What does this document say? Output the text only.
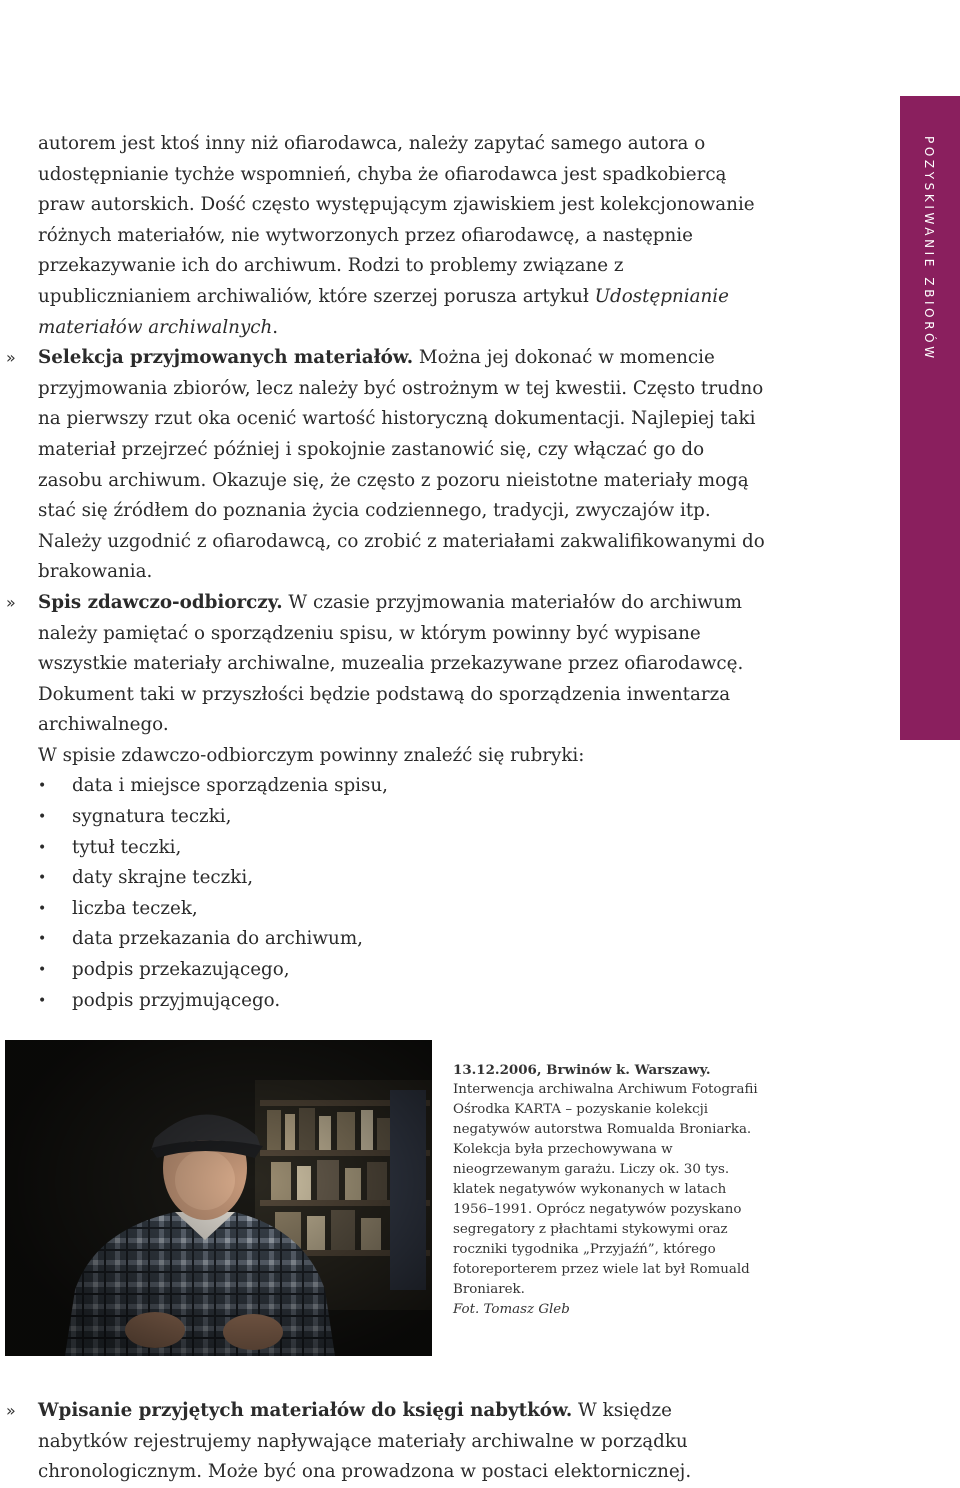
POZYSKIWANIE ZBIORÓW

autorem jest ktoś inny niż ofiarodawca, należy zapytać samego autora o udostępnianie tychże wspomnień, chyba że ofiarodawca jest spadkobiercą praw autorskich. Dość często występującym zjawiskiem jest kolekcjonowanie różnych materiałów, nie wytworzonych przez ofiarodawcę, a następnie przekazywanie ich do archiwum. Rodzi to problemy związane z upublicznianiem archiwaliów, które szerzej porusza artykuł Udostępnianie materiałów archiwalnych.

» Selekcja przyjmowanych materiałów. Można jej dokonać w momencie przyjmowania zbiorów, lecz należy być ostrożnym w tej kwestii. Często trudno na pierwszy rzut oka ocenić wartość historyczną dokumentacji. Najlepiej taki materiał przejrzeć później i spokojnie zastanowić się, czy włączać go do zasobu archiwum. Okazuje się, że często z pozoru nieistotne materiały mogą stać się źródłem do poznania życia codziennego, tradycji, zwyczajów itp. Należy uzgodnić z ofiarodawcą, co zrobić z materiałami zakwalifikowanymi do brakowania.

» Spis zdawczo-odbiorczy. W czasie przyjmowania materiałów do archiwum należy pamiętać o sporządzeniu spisu, w którym powinny być wypisane wszystkie materiały archiwalne, muzealia przekazywane przez ofiarodawcę. Dokument taki w przyszłości będzie podstawą do sporządzenia inwentarza archiwalnego.

W spisie zdawczo-odbiorczym powinny znaleźć się rubryki:

• data i miejsce sporządzenia spisu,
• sygnatura teczki,
• tytuł teczki,
• daty skrajne teczki,
• liczba teczek,
• data przekazania do archiwum,
• podpis przekazującego,
• podpis przyjmującego.
13.12.2006, Brwinów k. Warszawy.
Interwencja archiwalna Archiwum Fotografii Ośrodka KARTA – pozyskanie kolekcji negatywów autorstwa Romualda Broniarka. Kolekcja była przechowywana w nieogrzewanym garażu. Liczy ok. 30 tys. klatek negatywów wykonanych w latach 1956–1991. Oprócz negatywów pozyskano segregatory z płachtami stykowymi oraz roczniki tygodnika „Przyjaźń”, którego fotoreporterem przez wiele lat był Romuald Broniarek.
Fot. Tomasz Gleb

» Wpisanie przyjętych materiałów do księgi nabytków. W księdze nabytków rejestrujemy napływające materiały archiwalne w porządku chronologicznym. Może być ona prowadzona w postaci elektornicznej.
